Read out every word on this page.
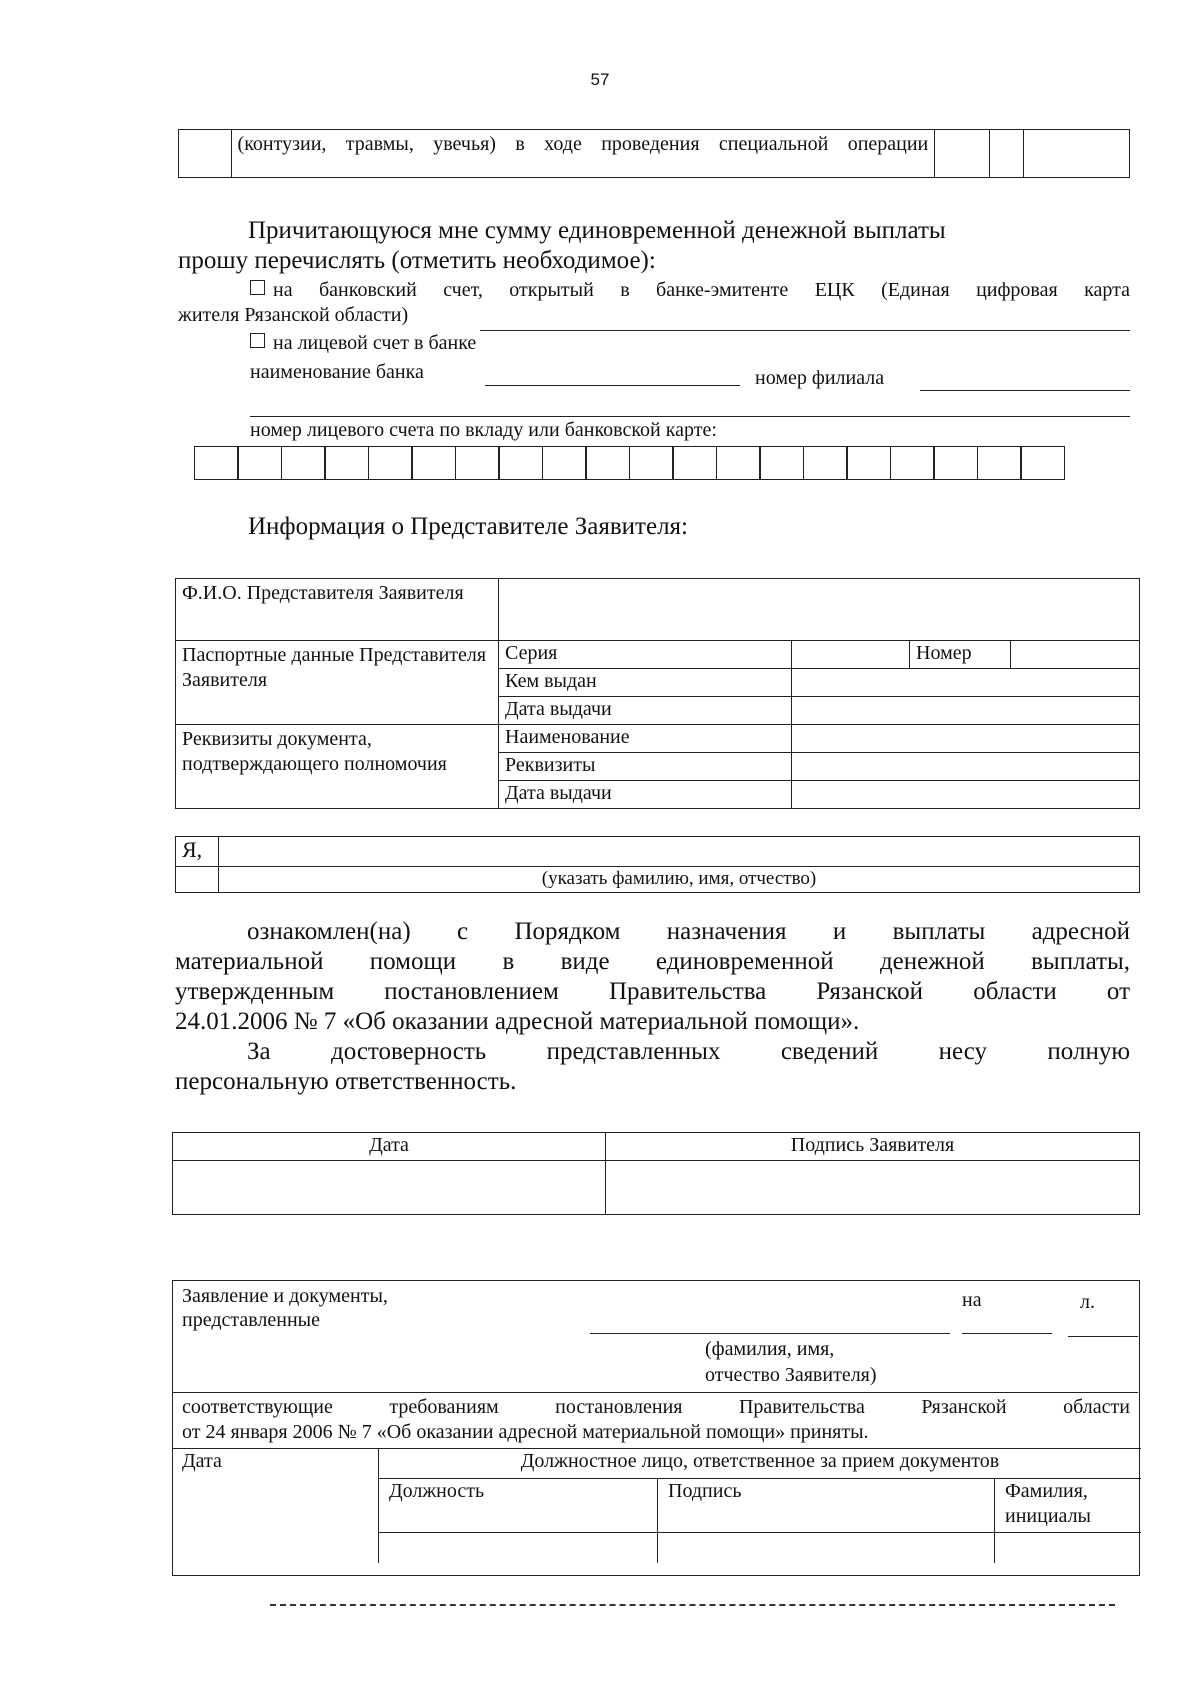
57

(контузии, травмы, увечья) в ходе проведения специальной операции

Причитающуюся мне сумму единовременной денежной выплаты
прошу перечислять (отметить необходимое):
на банковский счет, открытый в банке-эмитенте ЕЦК (Единая цифровая карта
жителя Рязанской области)
на лицевой счет в банке
наименование банка	номер филиала
номер лицевого счета по вкладу или банковской карте:
Информация о Представителе Заявителя:
Ф.И.О. Представителя Заявителя				
Паспортные данные Представителя Заявителя	Серия		Номер	
	Кем выдан			
	Дата выдачи			
Реквизиты документа, подтверждающего полномочия	Наименование			
	Реквизиты			
	Дата выдачи			
Я,	
	(указать фамилию, имя, отчество)
ознакомлен(на) с Порядком назначения и выплаты адресной
материальной помощи в виде единовременной денежной выплаты,
утвержденным постановлением Правительства Рязанской области от
24.01.2006 № 7 «Об оказании адресной материальной помощи».
За достоверность представленных сведений несу полную
персональную ответственность.
Дата	Подпись Заявителя

Заявление и документы,
представленные
на	л.
(фамилия, имя,
отчество Заявителя)
соответствующие требованиям постановления Правительства Рязанской области
от 24 января 2006 № 7 «Об оказании адресной материальной помощи» приняты.
Дата	Должностное лицо, ответственное за прием документов		
	Должность	Подпись	Фамилия,
инициалы
